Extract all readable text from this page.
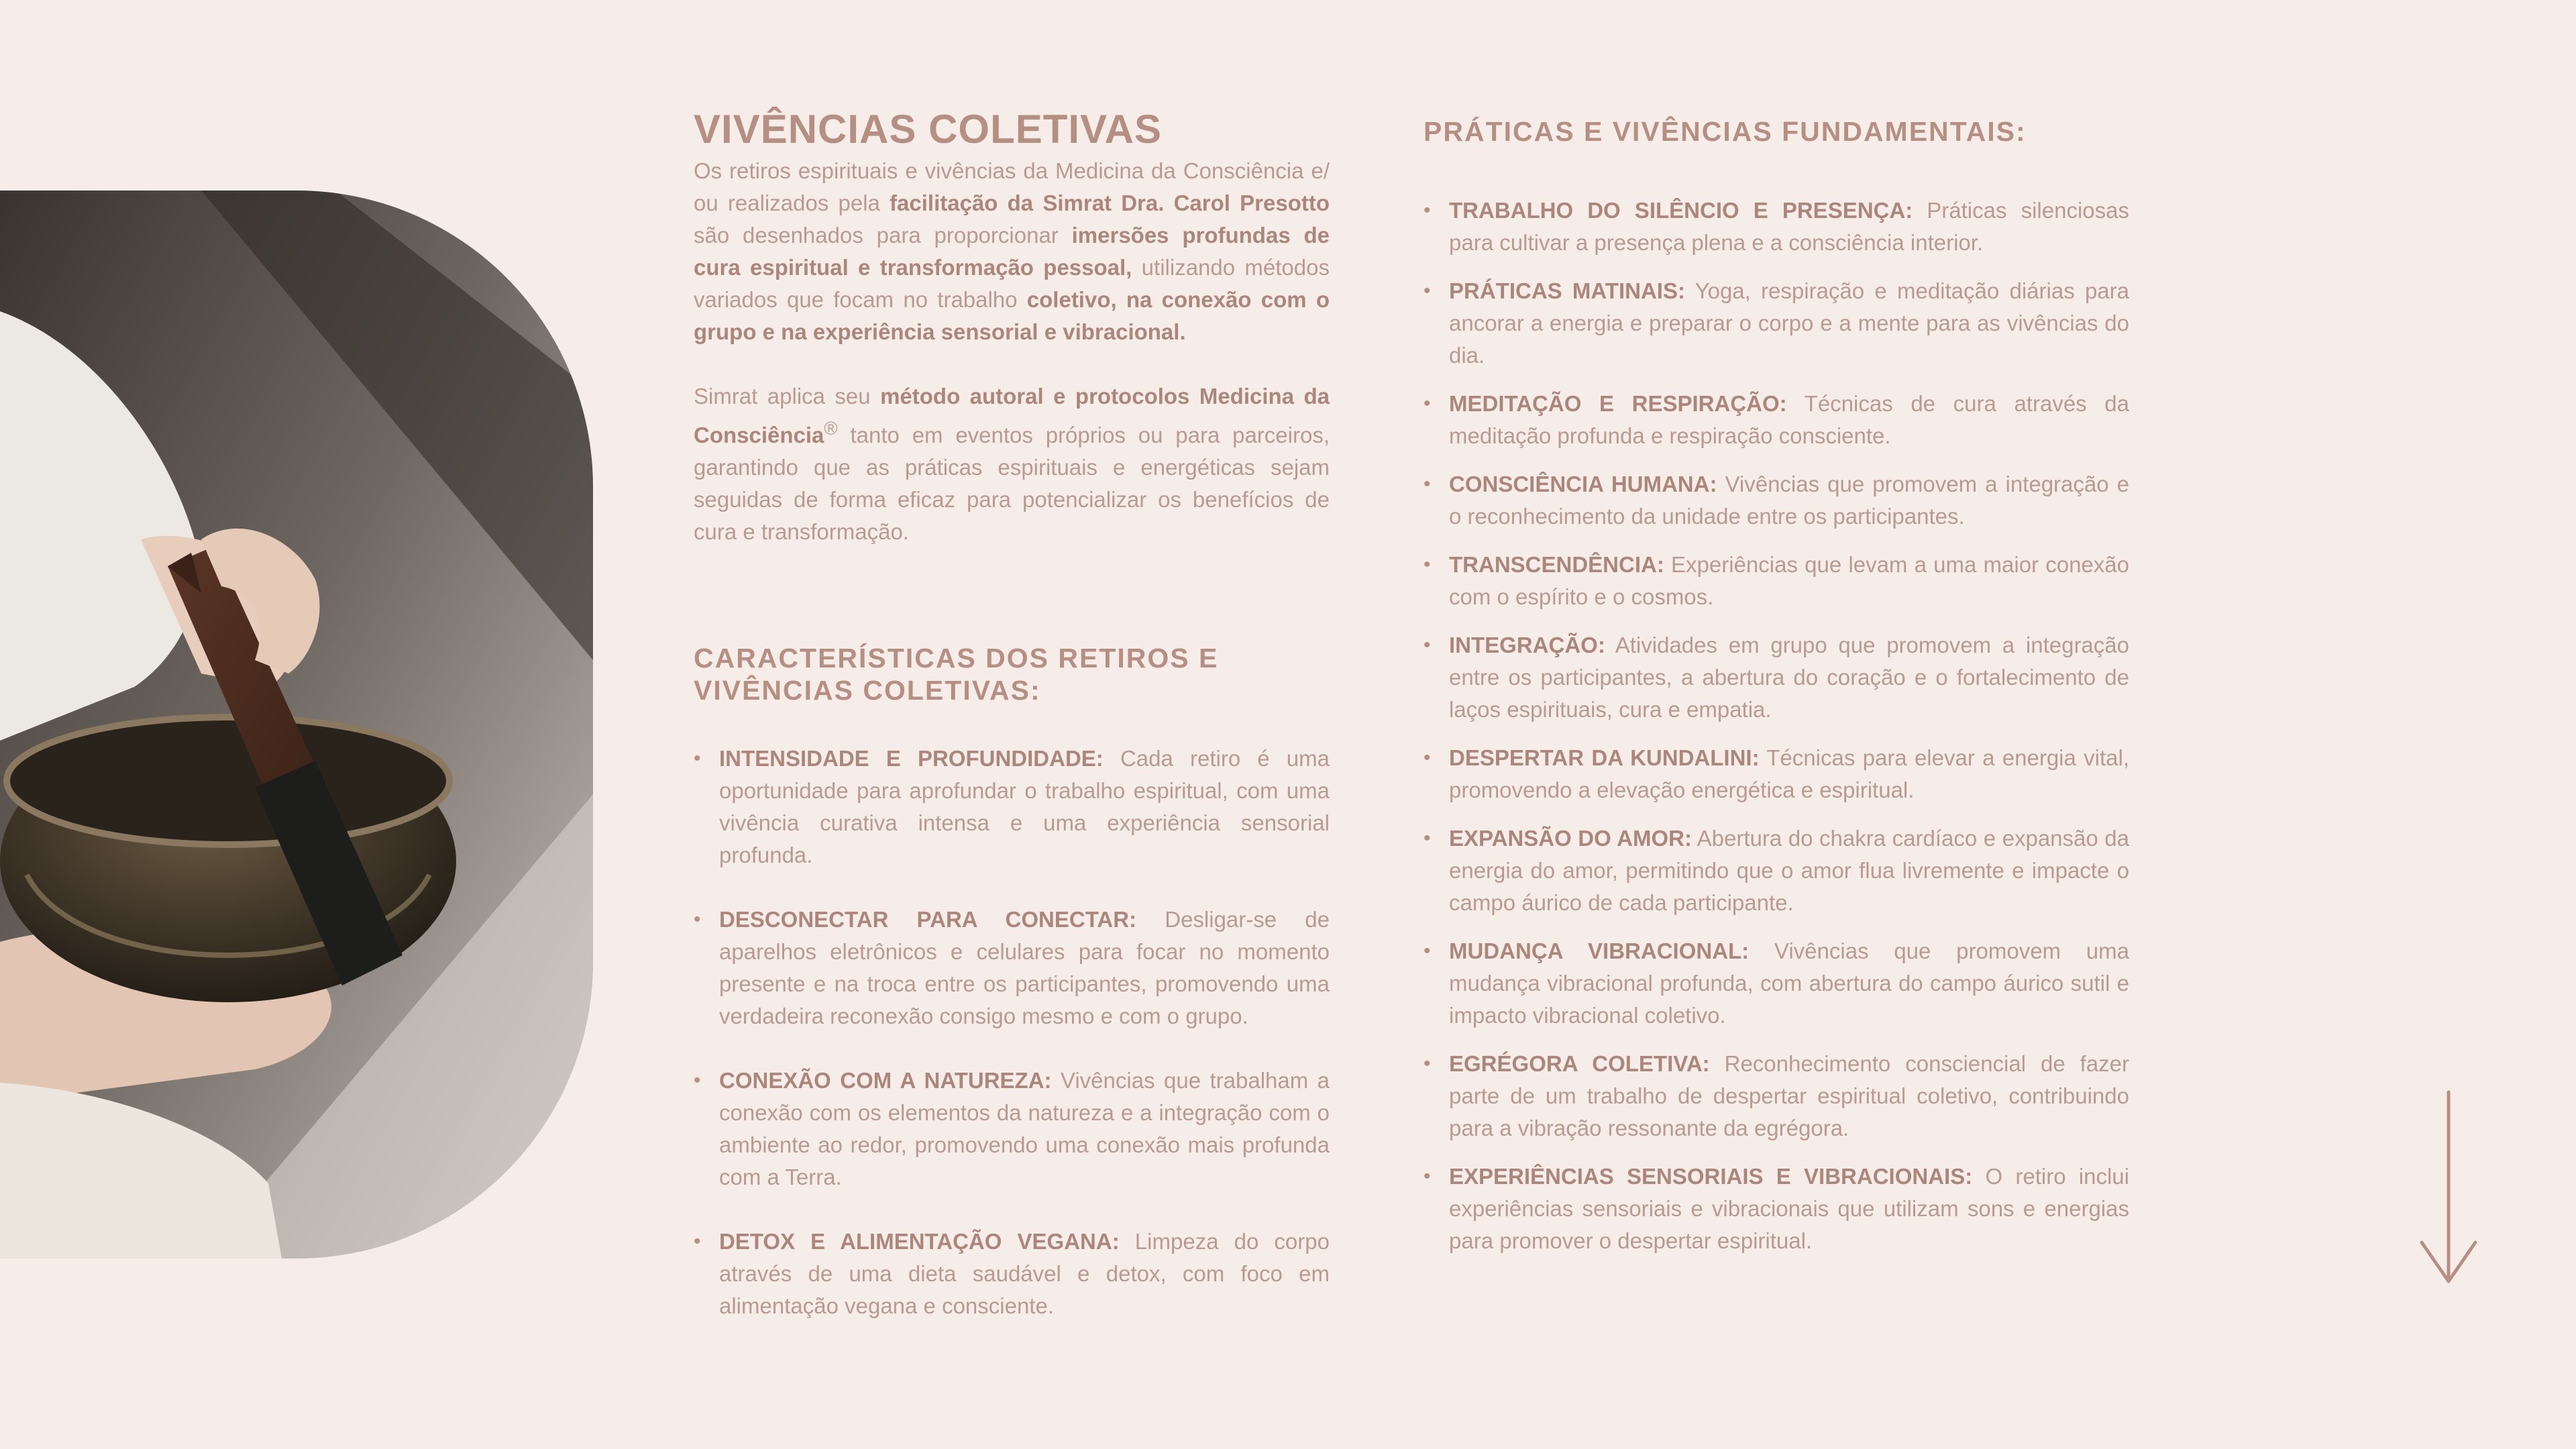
VIVÊNCIAS COLETIVAS

Os retiros espirituais e vivências da Medicina da Consciência e/ ou realizados pela facilitação da Simrat Dra. Carol Presotto são desenhados para proporcionar imersões profundas de cura espiritual e transformação pessoal, utilizando métodos variados que focam no trabalho coletivo, na conexão com o grupo e na experiência sensorial e vibracional.

Simrat aplica seu método autoral e protocolos Medicina da Consciência® tanto em eventos próprios ou para parceiros, garantindo que as práticas espirituais e energéticas sejam seguidas de forma eficaz para potencializar os benefícios de cura e transformação.

CARACTERÍSTICAS DOS RETIROS E VIVÊNCIAS COLETIVAS:
• INTENSIDADE E PROFUNDIDADE: Cada retiro é uma oportunidade para aprofundar o trabalho espiritual, com uma vivência curativa intensa e uma experiência sensorial profunda.
• DESCONECTAR PARA CONECTAR: Desligar-se de aparelhos eletrônicos e celulares para focar no momento presente e na troca entre os participantes, promovendo uma verdadeira reconexão consigo mesmo e com o grupo.
• CONEXÃO COM A NATUREZA: Vivências que trabalham a conexão com os elementos da natureza e a integração com o ambiente ao redor, promovendo uma conexão mais profunda com a Terra.
• DETOX E ALIMENTAÇÃO VEGANA: Limpeza do corpo através de uma dieta saudável e detox, com foco em alimentação vegana e consciente.
PRÁTICAS E VIVÊNCIAS FUNDAMENTAIS:
• TRABALHO DO SILÊNCIO E PRESENÇA: Práticas silenciosas para cultivar a presença plena e a consciência interior.
• PRÁTICAS MATINAIS: Yoga, respiração e meditação diárias para ancorar a energia e preparar o corpo e a mente para as vivências do dia.
• MEDITAÇÃO E RESPIRAÇÃO: Técnicas de cura através da meditação profunda e respiração consciente.
• CONSCIÊNCIA HUMANA: Vivências que promovem a integração e o reconhecimento da unidade entre os participantes.
• TRANSCENDÊNCIA: Experiências que levam a uma maior conexão com o espírito e o cosmos.
• INTEGRAÇÃO: Atividades em grupo que promovem a integração entre os participantes, a abertura do coração e o fortalecimento de laços espirituais, cura e empatia.
• DESPERTAR DA KUNDALINI: Técnicas para elevar a energia vital, promovendo a elevação energética e espiritual.
• EXPANSÃO DO AMOR: Abertura do chakra cardíaco e expansão da energia do amor, permitindo que o amor flua livremente e impacte o campo áurico de cada participante.
• MUDANÇA VIBRACIONAL: Vivências que promovem uma mudança vibracional profunda, com abertura do campo áurico sutil e impacto vibracional coletivo.
• EGRÉGORA COLETIVA: Reconhecimento consciencial de fazer parte de um trabalho de despertar espiritual coletivo, contribuindo para a vibração ressonante da egrégora.
• EXPERIÊNCIAS SENSORIAIS E VIBRACIONAIS: O retiro inclui experiências sensoriais e vibracionais que utilizam sons e energias para promover o despertar espiritual.
